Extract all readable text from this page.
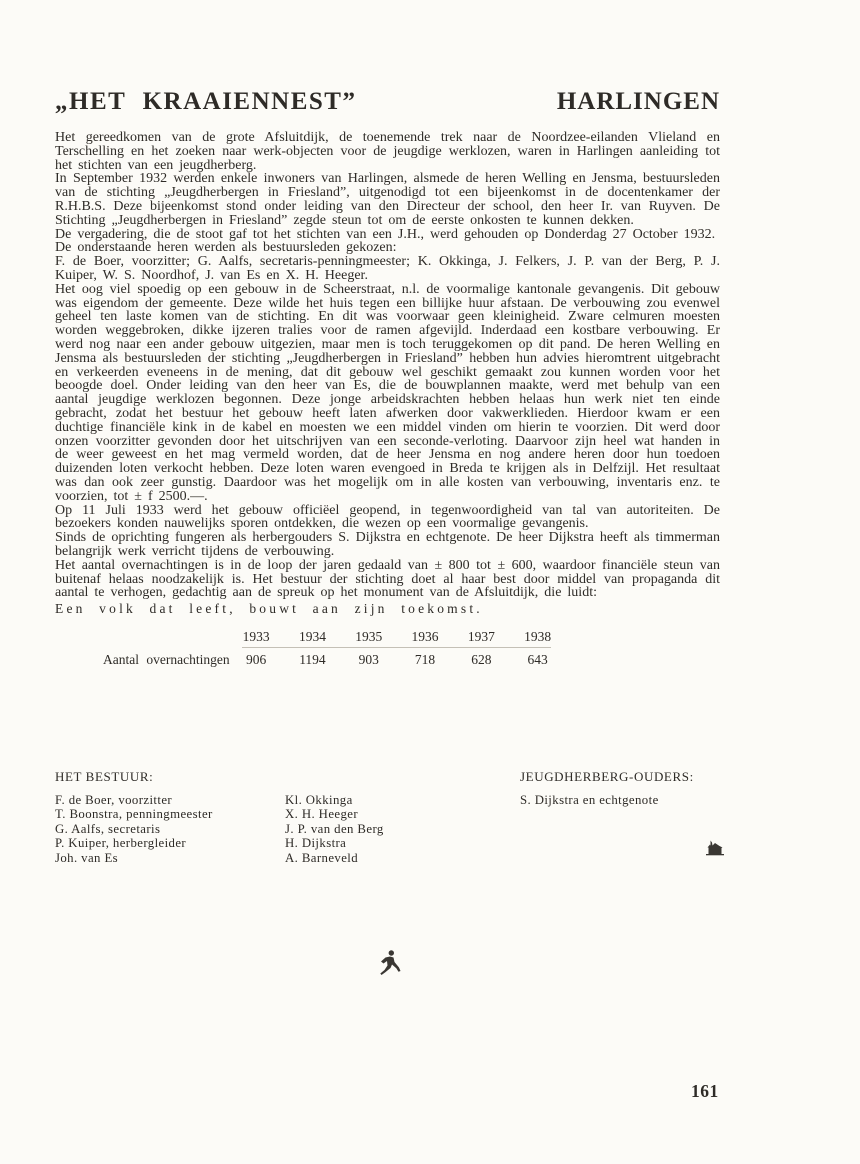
„HET KRAAIENNEST”	HARLINGEN

Het gereedkomen van de grote Afsluitdijk, de toenemende trek naar de Noordzee-eilanden Vlieland en Terschelling en het zoeken naar werk-objecten voor de jeugdige werklozen, waren in Harlingen aanleiding tot het stichten van een jeugdherberg.

In September 1932 werden enkele inwoners van Harlingen, alsmede de heren Welling en Jensma, bestuursleden van de stichting „Jeugdherbergen in Friesland”, uitgenodigd tot een bijeenkomst in de docentenkamer der R.H.B.S. Deze bijeenkomst stond onder leiding van den Directeur der school, den heer Ir. van Ruyven. De Stichting „Jeugdherbergen in Friesland” zegde steun tot om de eerste onkosten te kunnen dekken.

De vergadering, die de stoot gaf tot het stichten van een J.H., werd gehouden op Donderdag 27 October 1932.

De onderstaande heren werden als bestuursleden gekozen:

F. de Boer, voorzitter; G. Aalfs, secretaris-penningmeester; K. Okkinga, J. Felkers, J. P. van der Berg, P. J. Kuiper, W. S. Noordhof, J. van Es en X. H. Heeger.

Het oog viel spoedig op een gebouw in de Scheerstraat, n.l. de voormalige kantonale gevangenis. Dit gebouw was eigendom der gemeente. Deze wilde het huis tegen een billijke huur afstaan. De verbouwing zou evenwel geheel ten laste komen van de stichting. En dit was voorwaar geen kleinigheid. Zware celmuren moesten worden weggebroken, dikke ijzeren tralies voor de ramen afgevijld. Inderdaad een kostbare verbouwing. Er werd nog naar een ander gebouw uitgezien, maar men is toch teruggekomen op dit pand. De heren Welling en Jensma als bestuursleden der stichting „Jeugdherbergen in Friesland” hebben hun advies hieromtrent uitgebracht en verkeerden eveneens in de mening, dat dit gebouw wel geschikt gemaakt zou kunnen worden voor het beoogde doel. Onder leiding van den heer van Es, die de bouwplannen maakte, werd met behulp van een aantal jeugdige werklozen begonnen. Deze jonge arbeidskrachten hebben helaas hun werk niet ten einde gebracht, zodat het bestuur het gebouw heeft laten afwerken door vakwerklieden. Hierdoor kwam er een duchtige financiële kink in de kabel en moesten we een middel vinden om hierin te voorzien. Dit werd door onzen voorzitter gevonden door het uitschrijven van een seconde-verloting. Daarvoor zijn heel wat handen in de weer geweest en het mag vermeld worden, dat de heer Jensma en nog andere heren door hun toedoen duizenden loten verkocht hebben. Deze loten waren evengoed in Breda te krijgen als in Delfzijl. Het resultaat was dan ook zeer gunstig. Daardoor was het mogelijk om in alle kosten van verbouwing, inventaris enz. te voorzien, tot ± f 2500.—.

Op 11 Juli 1933 werd het gebouw officiëel geopend, in tegenwoordigheid van tal van autoriteiten. De bezoekers konden nauwelijks sporen ontdekken, die wezen op een voormalige gevangenis.

Sinds de oprichting fungeren als herbergouders S. Dijkstra en echtgenote. De heer Dijkstra heeft als timmerman belangrijk werk verricht tijdens de verbouwing.

Het aantal overnachtingen is in de loop der jaren gedaald van ± 800 tot ± 600, waardoor financiële steun van buitenaf helaas noodzakelijk is. Het bestuur der stichting doet al haar best door middel van propaganda dit aantal te verhogen, gedachtig aan de spreuk op het monument van de Afsluitdijk, die luidt:

Een volk dat leeft, bouwt aan zijn toekomst.
1933	1934	1935	1936	1937	1938
Aantal overnachtingen	906	1194	903	718	628	643
HET BESTUUR:	JEUGDHERBERG-OUDERS:
F. de Boer, voorzitter
T. Boonstra, penningmeester
G. Aalfs, secretaris
P. Kuiper, herbergleider
Joh. van Es
Kl. Okkinga
X. H. Heeger
J. P. van den Berg
H. Dijkstra
A. Barneveld
S. Dijkstra en echtgenote
161
